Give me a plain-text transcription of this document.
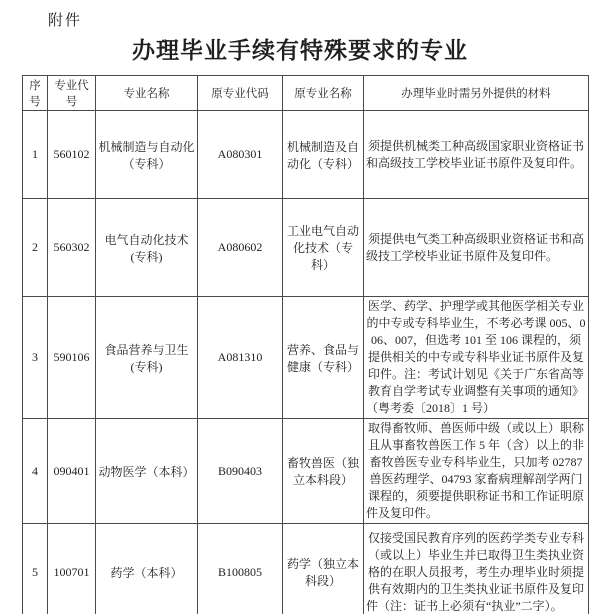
附件
办理毕业手续有特殊要求的专业
序号	专业代号	专业名称	原专业代码	原专业名称	办理毕业时需另外提供的材料
1	560102	机械制造与自动化（专科）	A080301	机械制造及自动化（专科）	须提供机械类工种高级国家职业资格证书和高级技工学校毕业证书原件及复印件。
2	560302	电气自动化技术(专科)	A080602	工业电气自动化技术（专科）	须提供电气类工种高级职业资格证书和高级技工学校毕业证书原件及复印件。
3	590106	食品营养与卫生(专科)	A081310	营养、食品与健康（专科）	医学、药学、护理学或其他医学相关专业的中专或专科毕业生，不考必考课 005、006、007，但选考 101 至 106 课程的，须提供相关的中专或专科毕业证书原件及复印件。注：考试计划见《关于广东省高等教育自学考试专业调整有关事项的通知》（粤考委〔2018〕1 号）
4	090401	动物医学（本科）	B090403	畜牧兽医（独立本科段）	取得畜牧师、兽医师中级（或以上）职称且从事畜牧兽医工作 5 年（含）以上的非畜牧兽医专业专科毕业生，只加考 02787 兽医药理学、04793 家畜病理解剖学两门课程的，须要提供职称证书和工作证明原件及复印件。
5	100701	药学（本科）	B100805	药学（独立本科段）	仅接受国民教育序列的医药学类专业专科（或以上）毕业生并已取得卫生类执业资格的在职人员报考，考生办理毕业时须提供有效期内的卫生类执业证书原件及复印件（注：证书上必须有“执业”二字）。
